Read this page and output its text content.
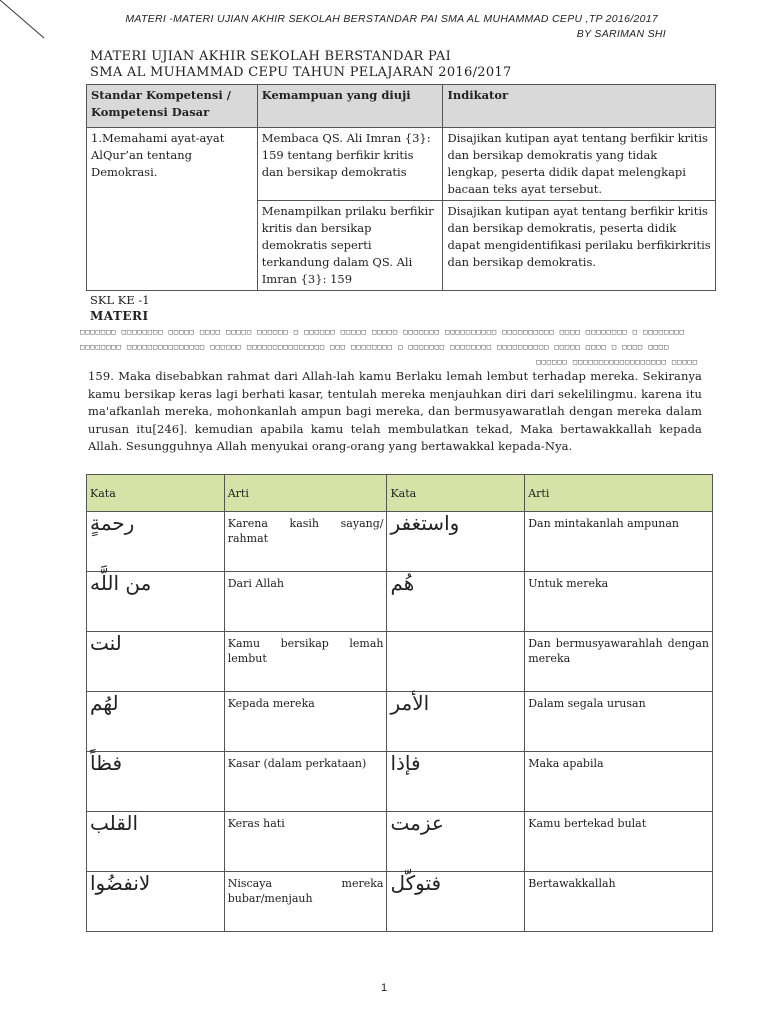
MATERI -MATERI UJIAN AKHIR SEKOLAH BERSTANDAR PAI SMA AL MUHAMMAD CEPU ,TP 2016/2017
BY SARIMAN SHI
MATERI UJIAN AKHIR SEKOLAH BERSTANDAR PAI
SMA AL MUHAMMAD CEPU TAHUN PELAJARAN 2016/2017
Standar Kompetensi /
Kompetensi Dasar	Kemampuan yang diuji	Indikator
1.Memahami ayat-ayat
AlQur’an tentang
Demokrasi.	Membaca QS. Ali Imran {3}: 159 tentang berfikir kritis dan bersikap demokratis	Disajikan kutipan ayat tentang berfikir kritis dan bersikap demokratis yang tidak lengkap, peserta didik dapat melengkapi bacaan teks ayat tersebut.
	Menampilkan prilaku berfikir kritis dan bersikap demokratis seperti terkandung dalam QS. Ali Imran {3}: 159	Disajikan kutipan ayat tentang berfikir kritis dan bersikap demokratis, peserta didik dapat mengidentifikasi perilaku berfikirkritis dan bersikap demokratis.
SKL KE -1
MATERI
□□□□□□□ □□□□□□□□ □□□□□ □□□□ □□□□□ □□□□□□ □ □□□□□□ □□□□□ □□□□□ □□□□□□□ □□□□□□□□□□ □□□□□□□□□□ □□□□ □□□□□□□□ □ □□□□□□□□
□□□□□□□□ □□□□□□□□□□□□□□□ □□□□□□ □□□□□□□□□□□□□□□ □□□ □□□□□□□□ □ □□□□□□□ □□□□□□□□ □□□□□□□□□□ □□□□□ □□□□ □ □□□□ □□□□
□□□□□□ □□□□□□□□□□□□□□□□□□ □□□□□
159. Maka disebabkan rahmat dari Allah-lah kamu Berlaku lemah lembut terhadap mereka. Sekiranya kamu bersikap keras lagi berhati kasar, tentulah mereka menjauhkan diri dari sekelilingmu. karena itu ma'afkanlah mereka, mohonkanlah ampun bagi mereka, dan bermusyawaratlah dengan mereka dalam urusan itu[246]. kemudian apabila kamu telah membulatkan tekad, Maka bertawakkallah kepada Allah. Sesungguhnya Allah menyukai orang-orang yang bertawakkal kepada-Nya.
Kata	Arti	Kata	Arti
رحمةٍ	Karena kasih sayang/ rahmat	واستغفر	Dan mintakanlah ampunan
من اللَّه	Dari Allah	هُم	Untuk mereka
لنت	Kamu bersikap lemah lembut		Dan bermusyawarahlah dengan mereka
لهُم	Kepada mereka	الأمر	Dalam segala urusan
فظاً	Kasar (dalam perkataan)	فإذا	Maka apabila
القلب	Keras hati	عزمت	Kamu bertekad bulat
لانفضُوا	Niscaya mereka bubar/menjauh	فتوكّل	Bertawakkallah
1
